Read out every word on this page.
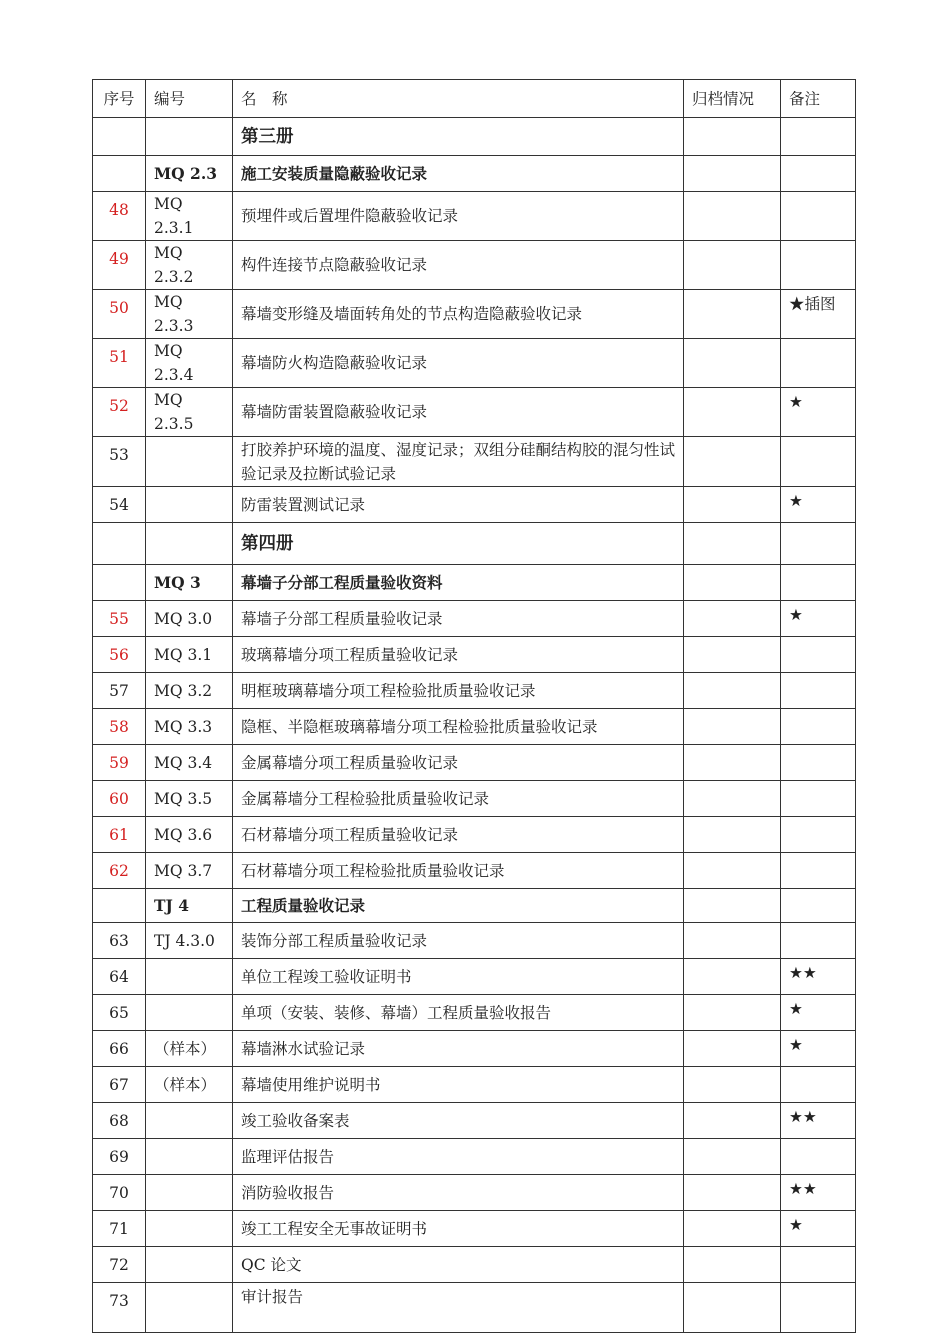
序号	编号	名　称	归档情况	备注
		第三册		
	MQ 2.3	施工安装质量隐蔽验收记录		
48	MQ 2.3.1	预埋件或后置埋件隐蔽验收记录		
49	MQ 2.3.2	构件连接节点隐蔽验收记录		
50	MQ 2.3.3	幕墙变形缝及墙面转角处的节点构造隐蔽验收记录		★插图
51	MQ 2.3.4	幕墙防火构造隐蔽验收记录		
52	MQ 2.3.5	幕墙防雷装置隐蔽验收记录		★
53		打胶养护环境的温度、湿度记录；双组分硅酮结构胶的混匀性试验记录及拉断试验记录		
54		防雷装置测试记录		★
		第四册		
	MQ 3	幕墙子分部工程质量验收资料		
55	MQ 3.0	幕墙子分部工程质量验收记录		★
56	MQ 3.1	玻璃幕墙分项工程质量验收记录		
57	MQ 3.2	明框玻璃幕墙分项工程检验批质量验收记录		
58	MQ 3.3	隐框、半隐框玻璃幕墙分项工程检验批质量验收记录		
59	MQ 3.4	金属幕墙分项工程质量验收记录		
60	MQ 3.5	金属幕墙分工程检验批质量验收记录		
61	MQ 3.6	石材幕墙分项工程质量验收记录		
62	MQ 3.7	石材幕墙分项工程检验批质量验收记录		
	TJ 4	工程质量验收记录		
63	TJ 4.3.0	装饰分部工程质量验收记录		
64		单位工程竣工验收证明书		★★
65		单项（安装、装修、幕墙）工程质量验收报告		★
66	（样本）	幕墙淋水试验记录		★
67	（样本）	幕墙使用维护说明书		
68		竣工验收备案表		★★
69		监理评估报告		
70		消防验收报告		★★
71		竣工工程安全无事故证明书		★
72		QC 论文		
73		审计报告		
